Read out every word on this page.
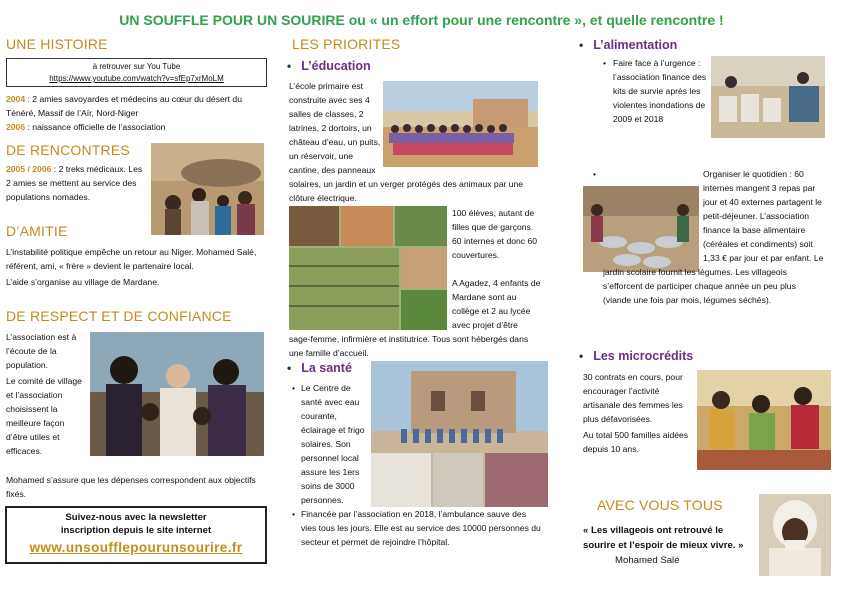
UN SOUFFLE POUR UN SOURIRE ou « un effort pour une rencontre », et quelle rencontre !
UNE HISTOIRE
à retrouver sur You Tube
https://www.youtube.com/watch?v=sfEp7xrMoLM
2004 : 2 amies savoyardes et médecins au cœur du désert du Ténéré, Massif de l’Aïr, Nord-Niger
2006 : naissance officielle de l’association
DE RENCONTRES
2005 / 2006 : 2 treks médicaux. Les 2 amies se mettent au service des populations nomades.
D’AMITIE
L’instabilité politique empêche un retour au Niger. Mohamed Salé, référent, ami, « frère » devient le partenaire local.
L’aide s’organise au village de Mardane.
DE RESPECT ET DE CONFIANCE
L’association est à l’écoute de la population.
Le comité de village et l’association choisissent la meilleure façon d’être utiles et efficaces.
Mohamed s’assure que les dépenses correspondent aux objectifs fixés.
Suivez-nous avec la newsletter
inscription depuis le site internet
www.unsoufflepourunsourire.fr
LES PRIORITES
• L’éducation
L’école primaire est construite avec ses 4 salles de classes, 2 latrines, 2 dortoirs, un château d’eau, un puits, un réservoir, une cantine, des panneaux solaires, un jardin et un verger protégés des animaux par une clôture électrique.
100 élèves, autant de filles que de garçons. 60 internes et donc 60 couvertures.
A Agadez, 4 enfants de Mardane sont au collège et 2 au lycée avec projet d’être sage-femme, infirmière et institutrice. Tous sont hébergés dans une famille d’accueil.
• La santé
• Le Centre de santé avec eau courante, éclairage et frigo solaires. Son personnel local assure les 1ers soins de 3000 personnes.
• Financée par l’association en 2018, l’ambulance sauve des vies tous les jours. Elle est au service des 10000 personnes du secteur et permet de rejoindre l’hôpital.
• L’alimentation
• Faire face à l’urgence : l’association finance des kits de survie après les violentes inondations de 2009 et 2018
•	Organiser le quotidien : 60 internes mangent 3 repas par jour et 40 externes partagent le petit-déjeuner. L’association finance la base alimentaire (céréales et condiments) soit 1,33 € par jour et par enfant. Le jardin scolaire fournit les légumes. Les villageois s’efforcent de participer chaque année un peu plus (viande une fois par mois, légumes séchés).
• Les microcrédits
30 contrats en cours, pour encourager l’activité artisanale des femmes les plus défavorisées.
Au total 500 familles aidées depuis 10 ans.
AVEC VOUS TOUS
« Les villageois ont retrouvé le sourire et l’espoir de mieux vivre. » Mohamed Salé
